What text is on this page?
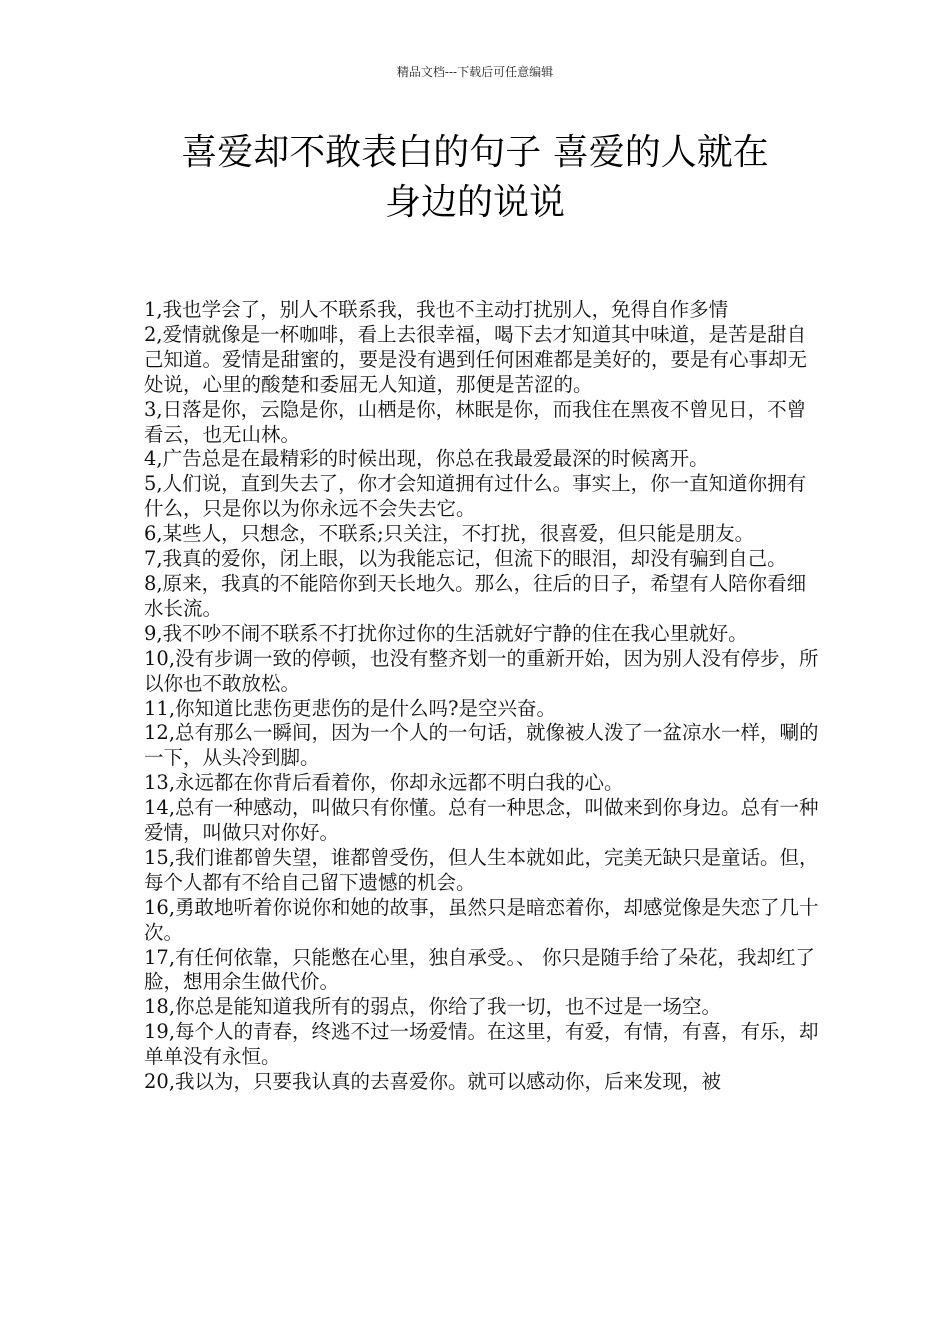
精品文档---下载后可任意编辑
喜爱却不敢表白的句子 喜爱的人就在
身边的说说
1,我也学会了，别人不联系我，我也不主动打扰别人，免得自作多情
2,爱情就像是一杯咖啡，看上去很幸福，喝下去才知道其中味道，是苦是甜自己知道。爱情是甜蜜的，要是没有遇到任何困难都是美好的，要是有心事却无处说，心里的酸楚和委屈无人知道，那便是苦涩的。
3,日落是你，云隐是你，山栖是你，林眠是你，而我住在黑夜不曾见日，不曾看云，也无山林。
4,广告总是在最精彩的时候出现，你总在我最爱最深的时候离开。
5,人们说，直到失去了，你才会知道拥有过什么。事实上，你一直知道你拥有什么，只是你以为你永远不会失去它。
6,某些人，只想念，不联系;只关注，不打扰，很喜爱，但只能是朋友。
7,我真的爱你，闭上眼，以为我能忘记，但流下的眼泪，却没有骗到自己。
8,原来，我真的不能陪你到天长地久。那么，往后的日子，希望有人陪你看细水长流。
9,我不吵不闹不联系不打扰你过你的生活就好宁静的住在我心里就好。
10,没有步调一致的停顿，也没有整齐划一的重新开始，因为别人没有停步，所以你也不敢放松。
11,你知道比悲伤更悲伤的是什么吗?是空兴奋。
12,总有那么一瞬间，因为一个人的一句话，就像被人泼了一盆凉水一样，唰的一下，从头冷到脚。
13,永远都在你背后看着你，你却永远都不明白我的心。
14,总有一种感动，叫做只有你懂。总有一种思念，叫做来到你身边。总有一种爱情，叫做只对你好。
15,我们谁都曾失望，谁都曾受伤，但人生本就如此，完美无缺只是童话。但，每个人都有不给自己留下遗憾的机会。
16,勇敢地听着你说你和她的故事，虽然只是暗恋着你，却感觉像是失恋了几十次。
17,有任何依靠，只能憋在心里，独自承受。、 你只是随手给了朵花，我却红了脸，想用余生做代价。
18,你总是能知道我所有的弱点，你给了我一切，也不过是一场空。
19,每个人的青春，终逃不过一场爱情。在这里，有爱，有情，有喜，有乐，却单单没有永恒。
20,我以为，只要我认真的去喜爱你。就可以感动你，后来发现，被
